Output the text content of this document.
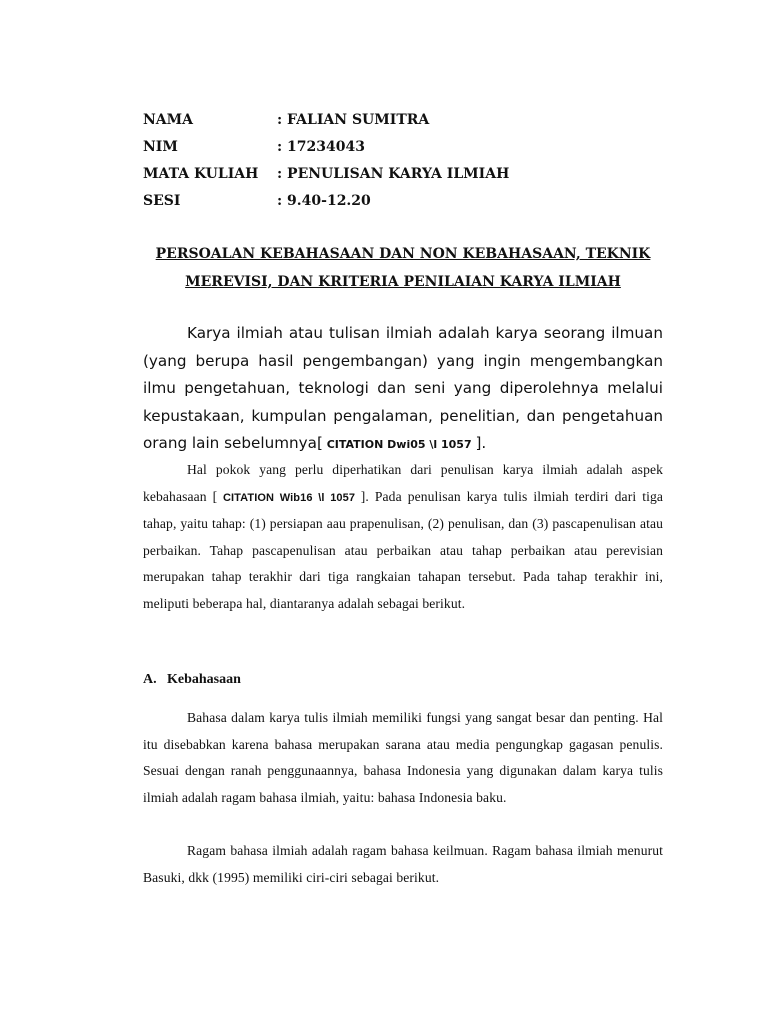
NAMA	: FALIAN SUMITRA
NIM	: 17234043
MATA KULIAH	: PENULISAN KARYA ILMIAH
SESI	: 9.40-12.20
PERSOALAN KEBAHASAAN DAN NON KEBAHASAAN, TEKNIK
MEREVISI, DAN KRITERIA PENILAIAN KARYA ILMIAH

Karya ilmiah atau tulisan ilmiah adalah karya seorang ilmuan (yang berupa hasil pengembangan) yang ingin mengembangkan ilmu pengetahuan, teknologi dan seni yang diperolehnya melalui kepustakaan, kumpulan pengalaman, penelitian, dan pengetahuan orang lain sebelumnya[ CITATION Dwi05 \l 1057 ].

Hal pokok yang perlu diperhatikan dari penulisan karya ilmiah adalah aspek kebahasaan [ CITATION Wib16 \l 1057 ]. Pada penulisan karya tulis ilmiah terdiri dari tiga tahap, yaitu tahap: (1) persiapan aau prapenulisan, (2) penulisan, dan (3) pascapenulisan atau perbaikan. Tahap pascapenulisan atau perbaikan atau tahap perbaikan atau perevisian merupakan tahap terakhir dari tiga rangkaian tahapan tersebut. Pada tahap terakhir ini, meliputi beberapa hal, diantaranya adalah sebagai berikut.

A. Kebahasaan

Bahasa dalam karya tulis ilmiah memiliki fungsi yang sangat besar dan penting. Hal itu disebabkan karena bahasa merupakan sarana atau media pengungkap gagasan penulis. Sesuai dengan ranah penggunaannya, bahasa Indonesia yang digunakan dalam karya tulis ilmiah adalah ragam bahasa ilmiah, yaitu: bahasa Indonesia baku.

Ragam bahasa ilmiah adalah ragam bahasa keilmuan. Ragam bahasa ilmiah menurut Basuki, dkk (1995) memiliki ciri-ciri sebagai berikut.
